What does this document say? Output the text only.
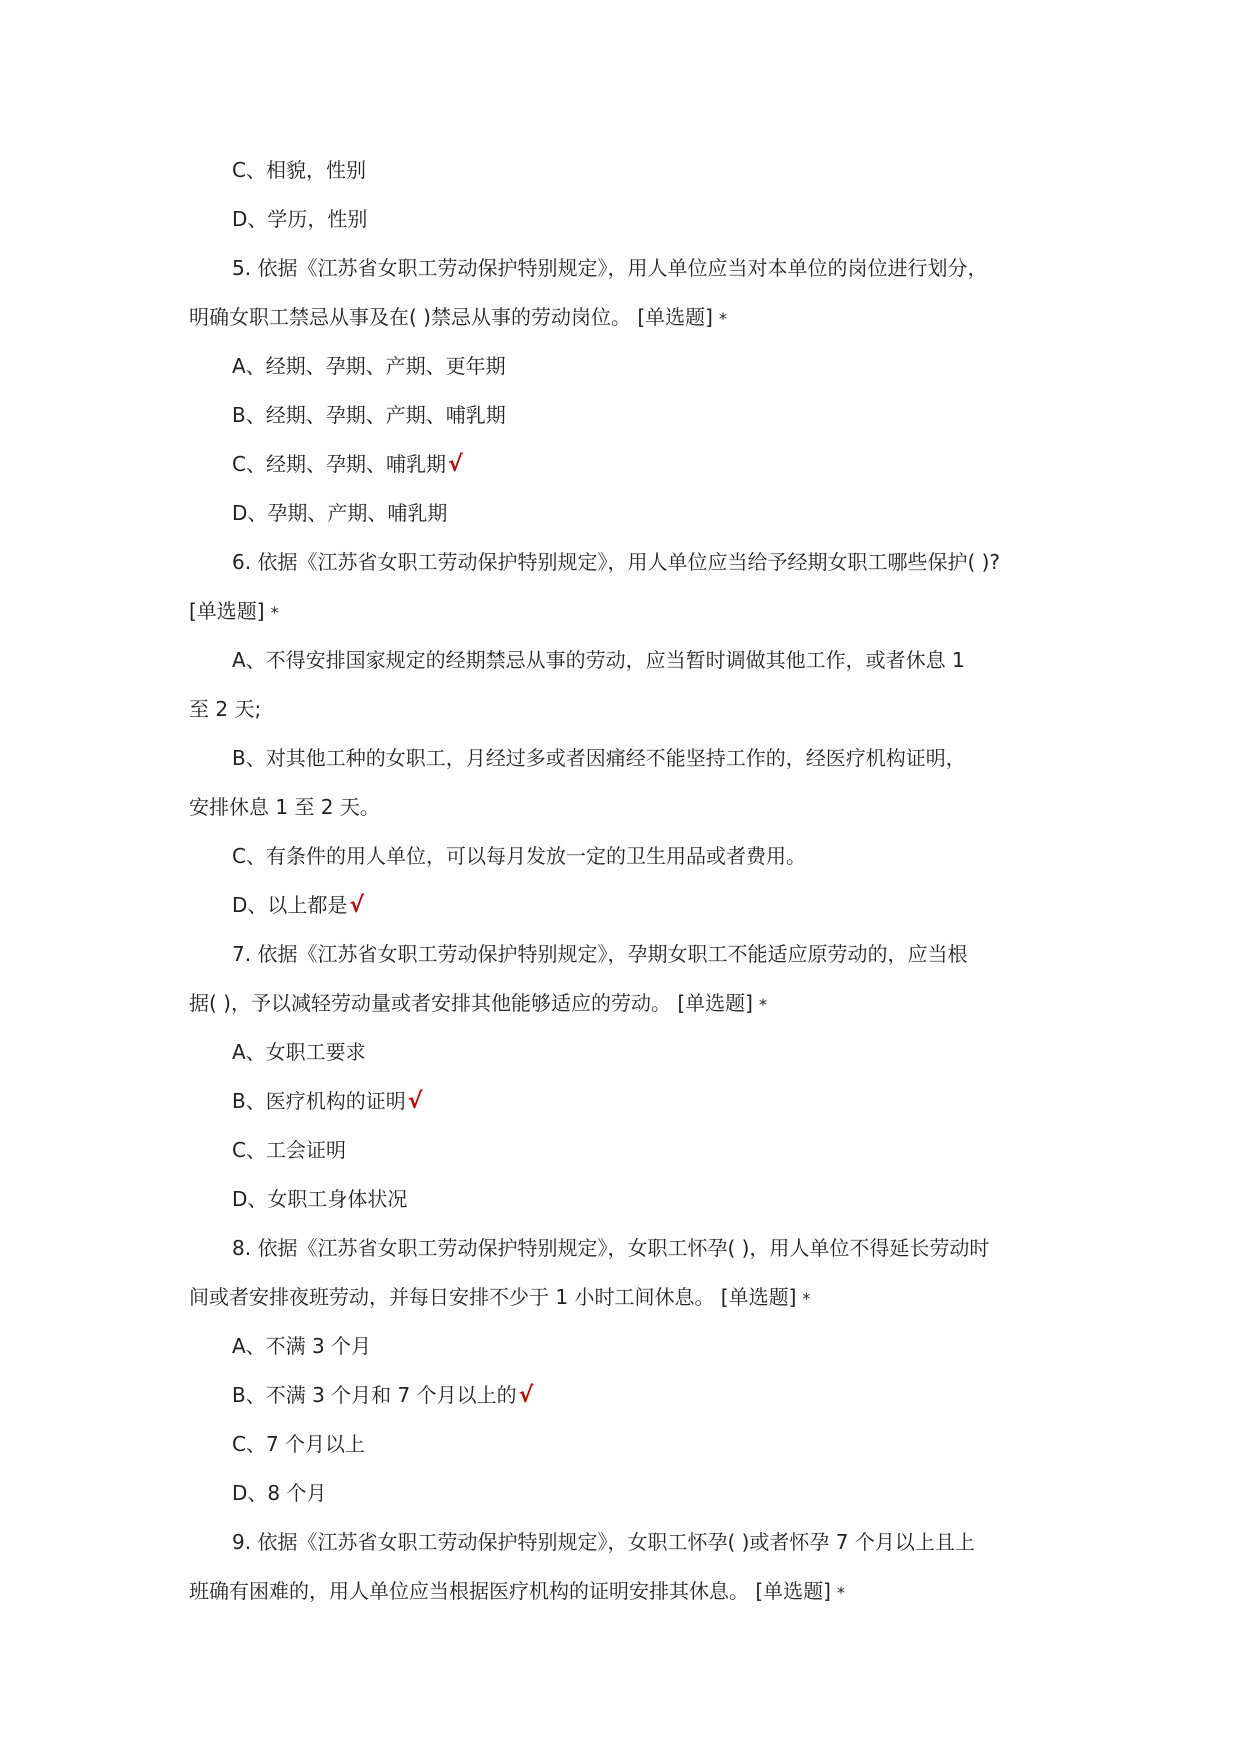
C、相貌，性别
D、学历，性别
5. 依据《江苏省女职工劳动保护特别规定》，用人单位应当对本单位的岗位进行划分，
明确女职工禁忌从事及在( )禁忌从事的劳动岗位。 [单选题] *
A、经期、孕期、产期、更年期
B、经期、孕期、产期、哺乳期
C、经期、孕期、哺乳期√
D、孕期、产期、哺乳期
6. 依据《江苏省女职工劳动保护特别规定》，用人单位应当给予经期女职工哪些保护( )?
[单选题] *
A、不得安排国家规定的经期禁忌从事的劳动，应当暂时调做其他工作，或者休息 1
至 2 天;
B、对其他工种的女职工，月经过多或者因痛经不能坚持工作的，经医疗机构证明，
安排休息 1 至 2 天。
C、有条件的用人单位，可以每月发放一定的卫生用品或者费用。
D、以上都是√
7. 依据《江苏省女职工劳动保护特别规定》，孕期女职工不能适应原劳动的，应当根
据( )，予以减轻劳动量或者安排其他能够适应的劳动。 [单选题] *
A、女职工要求
B、医疗机构的证明√
C、工会证明
D、女职工身体状况
8. 依据《江苏省女职工劳动保护特别规定》，女职工怀孕( )，用人单位不得延长劳动时
间或者安排夜班劳动，并每日安排不少于 1 小时工间休息。 [单选题] *
A、不满 3 个月
B、不满 3 个月和 7 个月以上的√
C、7 个月以上
D、8 个月
9. 依据《江苏省女职工劳动保护特别规定》，女职工怀孕( )或者怀孕 7 个月以上且上
班确有困难的，用人单位应当根据医疗机构的证明安排其休息。 [单选题] *
